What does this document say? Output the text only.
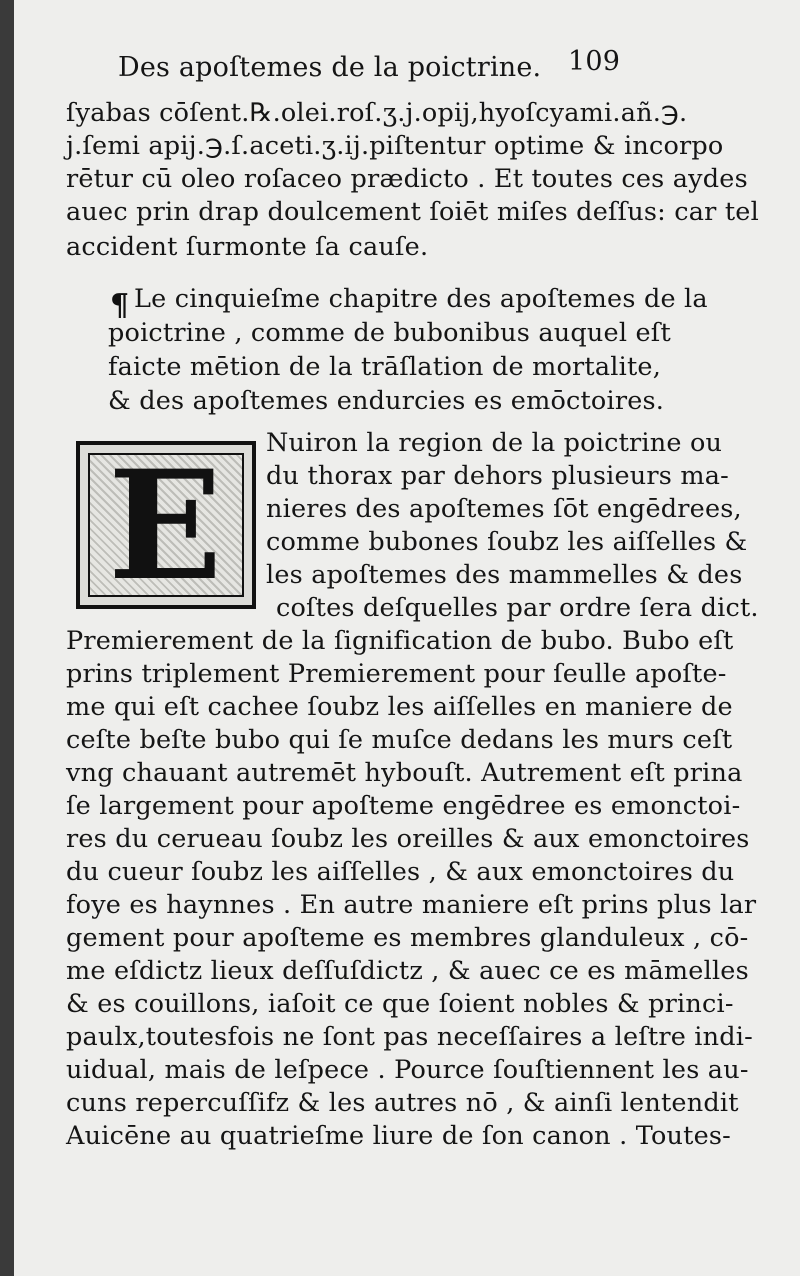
Des apoſtemes de la poictrine. 109
ſyabas cōſent.℞.olei.roſ.ʒ.j.opij,hyoſcyami.añ.℈.
j.ſemi apij.℈.ſ.aceti.ʒ.ij.piſtentur optime & incorpo
rētur cū oleo roſaceo prædicto . Et toutes ces aydes
auec prin drap doulcement ſoiēt miſes deſſus: car tel
accident ſurmonte ſa cauſe.
¶ Le cinquieſme chapitre des apoſtemes de la
poictrine , comme de bubonibus auquel eſt
faicte mētion de la trāſlation de mortalite,
& des apoſtemes endurcies es emōctoires.
E Nuiron la region de la poictrine ou
du thorax par dehors plusieurs ma-
nieres des apoſtemes ſōt engēdrees,
comme bubones ſoubz les aiſſelles &
les apoſtemes des mammelles & des
coſtes deſquelles par ordre ſera dict.
Premierement de la ſignification de bubo. Bubo eſt
prins triplement Premierement pour ſeulle apoſte-
me qui eſt cachee ſoubz les aiſſelles en maniere de
ceſte beſte bubo qui ſe muſce dedans les murs ceſt
vng chauant autremēt hybouſt. Autrement eſt prina
ſe largement pour apoſteme engēdree es emonctoi-
res du cerueau ſoubz les oreilles & aux emonctoires
du cueur ſoubz les aiſſelles , & aux emonctoires du
foye es haynnes . En autre maniere eſt prins plus lar
gement pour apoſteme es membres glanduleux , cō-
me eſdictz lieux deſſuſdictz , & auec ce es māmelles
& es couillons, iaſoit ce que ſoient nobles & princi-
paulx,toutesfois ne ſont pas neceſſaires a leſtre indi-
uidual, mais de leſpece . Pource ſouſtiennent les au-
cuns repercuſſifz & les autres nō , & ainſi lentendit
Auicēne au quatrieſme liure de ſon canon . Toutes-
